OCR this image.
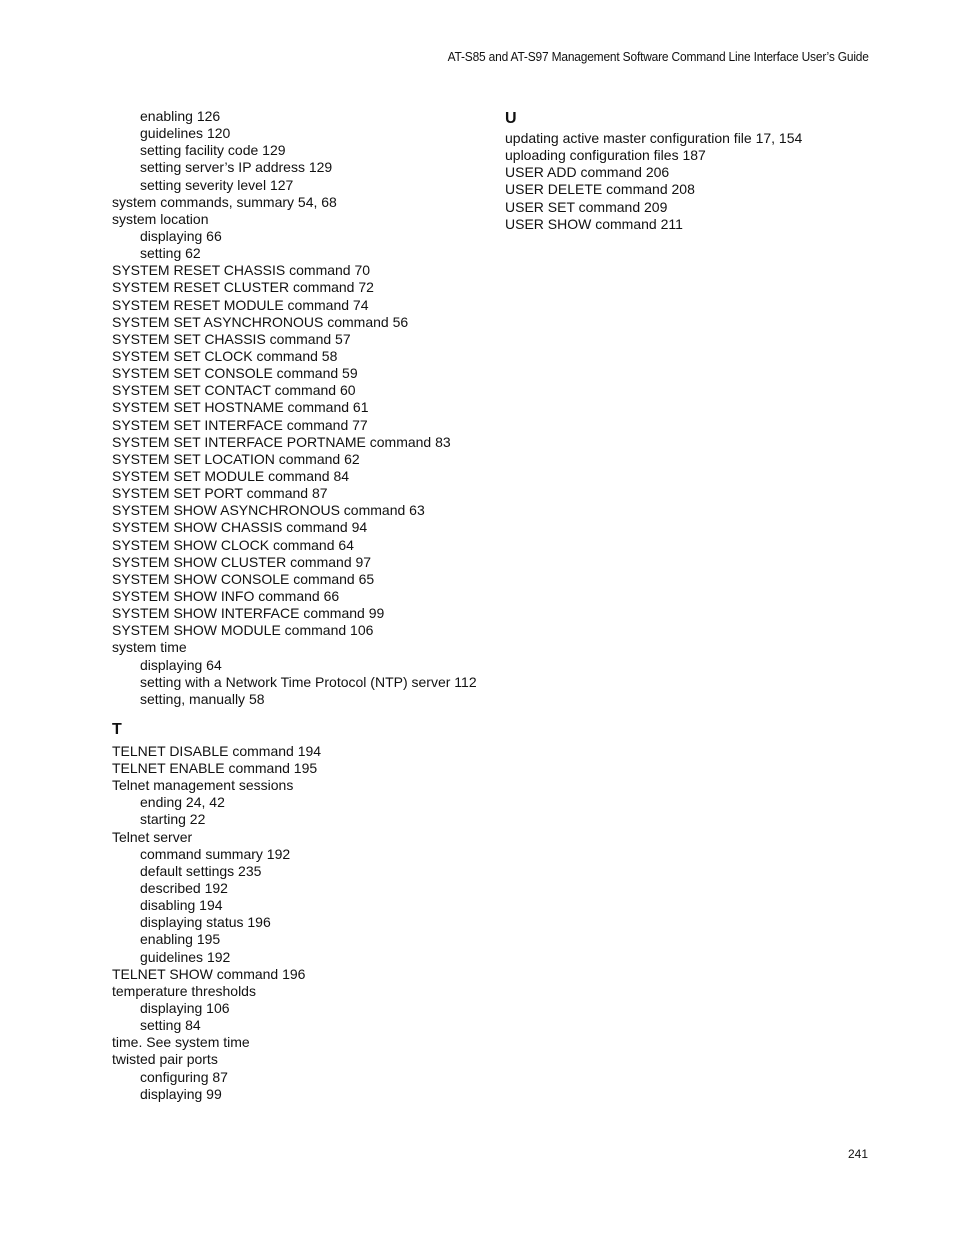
AT-S85 and AT-S97 Management Software Command Line Interface User’s Guide
enabling 126
guidelines 120
setting facility code 129
setting server’s IP address 129
setting severity level 127
system commands, summary 54, 68
system location
displaying 66
setting 62
SYSTEM RESET CHASSIS command 70
SYSTEM RESET CLUSTER command 72
SYSTEM RESET MODULE command 74
SYSTEM SET ASYNCHRONOUS command 56
SYSTEM SET CHASSIS command 57
SYSTEM SET CLOCK command 58
SYSTEM SET CONSOLE command 59
SYSTEM SET CONTACT command 60
SYSTEM SET HOSTNAME command 61
SYSTEM SET INTERFACE command 77
SYSTEM SET INTERFACE PORTNAME command 83
SYSTEM SET LOCATION command 62
SYSTEM SET MODULE command 84
SYSTEM SET PORT command 87
SYSTEM SHOW ASYNCHRONOUS command 63
SYSTEM SHOW CHASSIS command 94
SYSTEM SHOW CLOCK command 64
SYSTEM SHOW CLUSTER command 97
SYSTEM SHOW CONSOLE command 65
SYSTEM SHOW INFO command 66
SYSTEM SHOW INTERFACE command 99
SYSTEM SHOW MODULE command 106
system time
displaying 64
setting with a Network Time Protocol (NTP) server 112
setting, manually 58
T
TELNET DISABLE command 194
TELNET ENABLE command 195
Telnet management sessions
ending 24, 42
starting 22
Telnet server
command summary 192
default settings 235
described 192
disabling 194
displaying status 196
enabling 195
guidelines 192
TELNET SHOW command 196
temperature thresholds
displaying 106
setting 84
time. See system time
twisted pair ports
configuring 87
displaying 99
U
updating active master configuration file 17, 154
uploading configuration files 187
USER ADD command 206
USER DELETE command 208
USER SET command 209
USER SHOW command 211
241
